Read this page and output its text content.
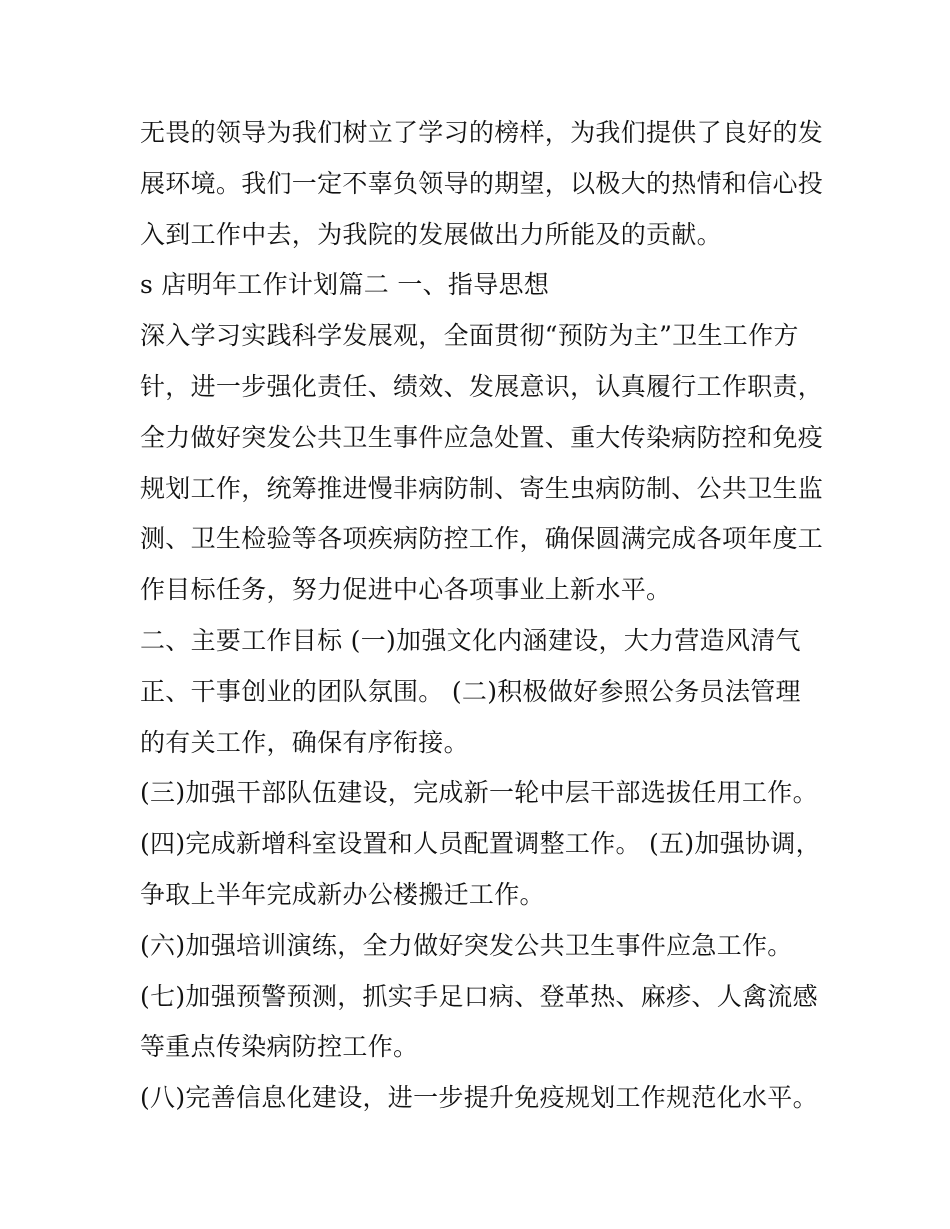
无畏的领导为我们树立了学习的榜样，为我们提供了良好的发
展环境。我们一定不辜负领导的期望，以极大的热情和信心投
入到工作中去，为我院的发展做出力所能及的贡献。
s 店明年工作计划篇二 一、指导思想
深入学习实践科学发展观，全面贯彻“预防为主”卫生工作方
针，进一步强化责任、绩效、发展意识，认真履行工作职责，
全力做好突发公共卫生事件应急处置、重大传染病防控和免疫
规划工作，统筹推进慢非病防制、寄生虫病防制、公共卫生监
测、卫生检验等各项疾病防控工作，确保圆满完成各项年度工
作目标任务，努力促进中心各项事业上新水平。
二、主要工作目标 (一)加强文化内涵建设，大力营造风清气
正、干事创业的团队氛围。 (二)积极做好参照公务员法管理
的有关工作，确保有序衔接。
(三)加强干部队伍建设，完成新一轮中层干部选拔任用工作。
(四)完成新增科室设置和人员配置调整工作。 (五)加强协调，
争取上半年完成新办公楼搬迁工作。
(六)加强培训演练，全力做好突发公共卫生事件应急工作。
(七)加强预警预测，抓实手足口病、登革热、麻疹、人禽流感
等重点传染病防控工作。
(八)完善信息化建设，进一步提升免疫规划工作规范化水平。
